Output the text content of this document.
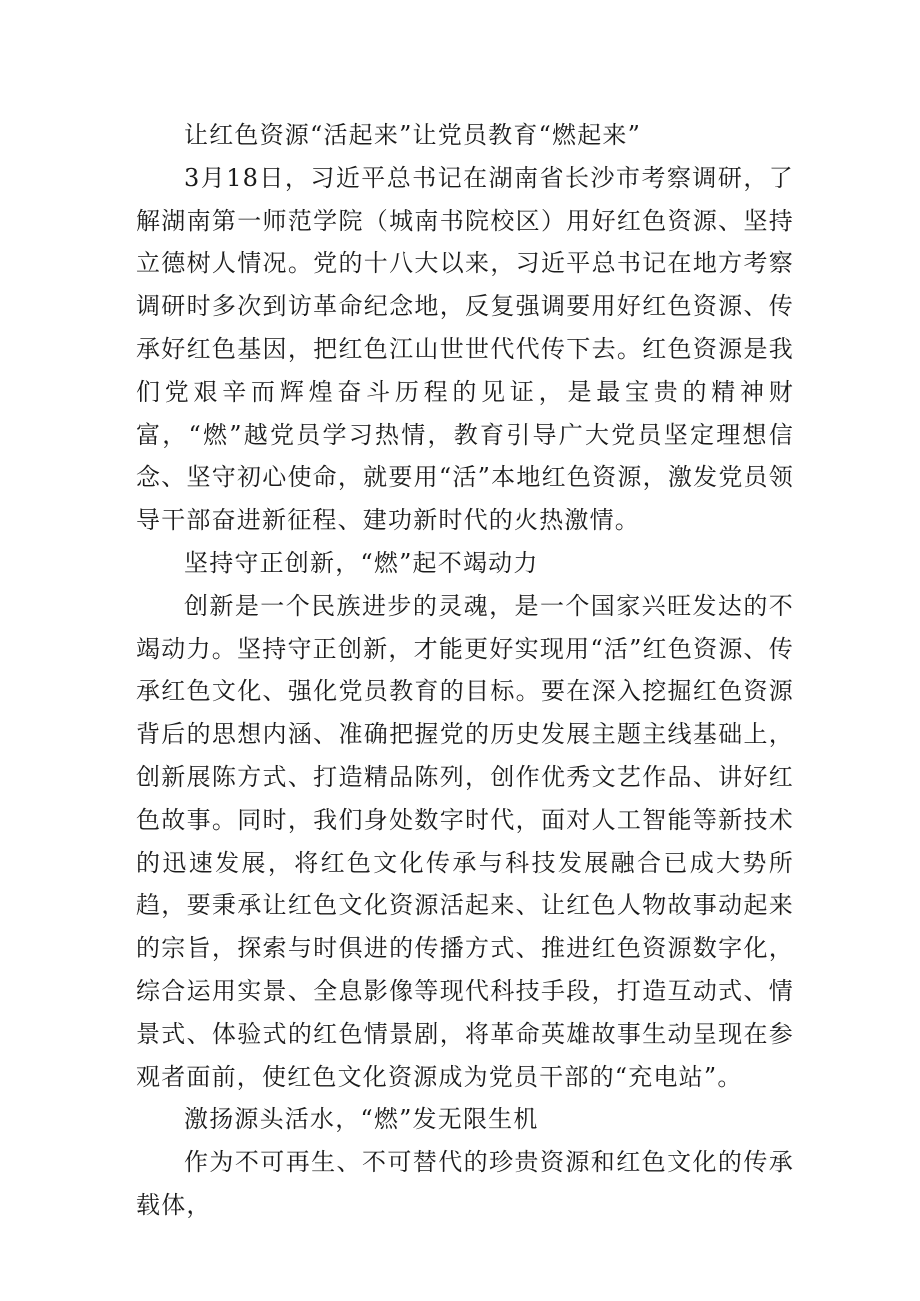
让红色资源“活起来”让党员教育“燃起来”

3月18日，习近平总书记在湖南省长沙市考察调研，了解湖南第一师范学院（城南书院校区）用好红色资源、坚持立德树人情况。党的十八大以来，习近平总书记在地方考察调研时多次到访革命纪念地，反复强调要用好红色资源、传承好红色基因，把红色江山世世代代传下去。红色资源是我们党艰辛而辉煌奋斗历程的见证，是最宝贵的精神财富，“燃”越党员学习热情，教育引导广大党员坚定理想信念、坚守初心使命，就要用“活”本地红色资源，激发党员领导干部奋进新征程、建功新时代的火热激情。

坚持守正创新，“燃”起不竭动力

创新是一个民族进步的灵魂，是一个国家兴旺发达的不竭动力。坚持守正创新，才能更好实现用“活”红色资源、传承红色文化、强化党员教育的目标。要在深入挖掘红色资源背后的思想内涵、准确把握党的历史发展主题主线基础上，创新展陈方式、打造精品陈列，创作优秀文艺作品、讲好红色故事。同时，我们身处数字时代，面对人工智能等新技术的迅速发展，将红色文化传承与科技发展融合已成大势所趋，要秉承让红色文化资源活起来、让红色人物故事动起来的宗旨，探索与时俱进的传播方式、推进红色资源数字化，综合运用实景、全息影像等现代科技手段，打造互动式、情景式、体验式的红色情景剧，将革命英雄故事生动呈现在参观者面前，使红色文化资源成为党员干部的“充电站”。

激扬源头活水，“燃”发无限生机

作为不可再生、不可替代的珍贵资源和红色文化的传承载体，
